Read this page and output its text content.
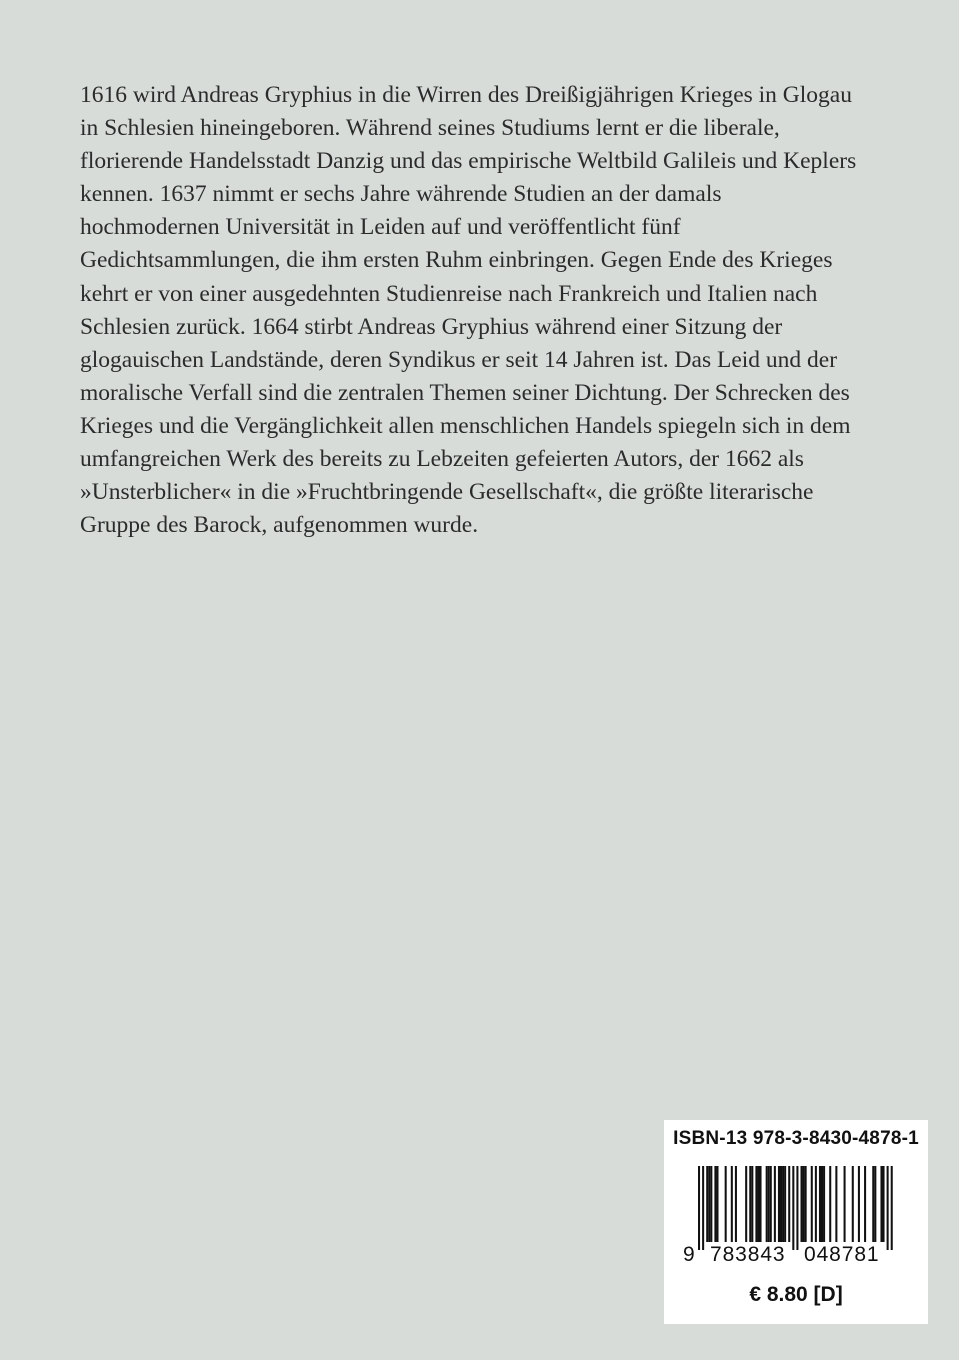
1616 wird Andreas Gryphius in die Wirren des Dreißigjährigen Krieges in Glogau
in Schlesien hineingeboren. Während seines Studiums lernt er die liberale,
florierende Handelsstadt Danzig und das empirische Weltbild Galileis und Keplers
kennen. 1637 nimmt er sechs Jahre währende Studien an der damals
hochmodernen Universität in Leiden auf und veröffentlicht fünf
Gedichtsammlungen, die ihm ersten Ruhm einbringen. Gegen Ende des Krieges
kehrt er von einer ausgedehnten Studienreise nach Frankreich und Italien nach
Schlesien zurück. 1664 stirbt Andreas Gryphius während einer Sitzung der
glogauischen Landstände, deren Syndikus er seit 14 Jahren ist. Das Leid und der
moralische Verfall sind die zentralen Themen seiner Dichtung. Der Schrecken des
Krieges und die Vergänglichkeit allen menschlichen Handels spiegeln sich in dem
umfangreichen Werk des bereits zu Lebzeiten gefeierten Autors, der 1662 als
»Unsterblicher« in die »Fruchtbringende Gesellschaft«, die größte literarische
Gruppe des Barock, aufgenommen wurde.
ISBN-13 978-3-8430-4878-1
€ 8.80 [D]
9 783843 048781
